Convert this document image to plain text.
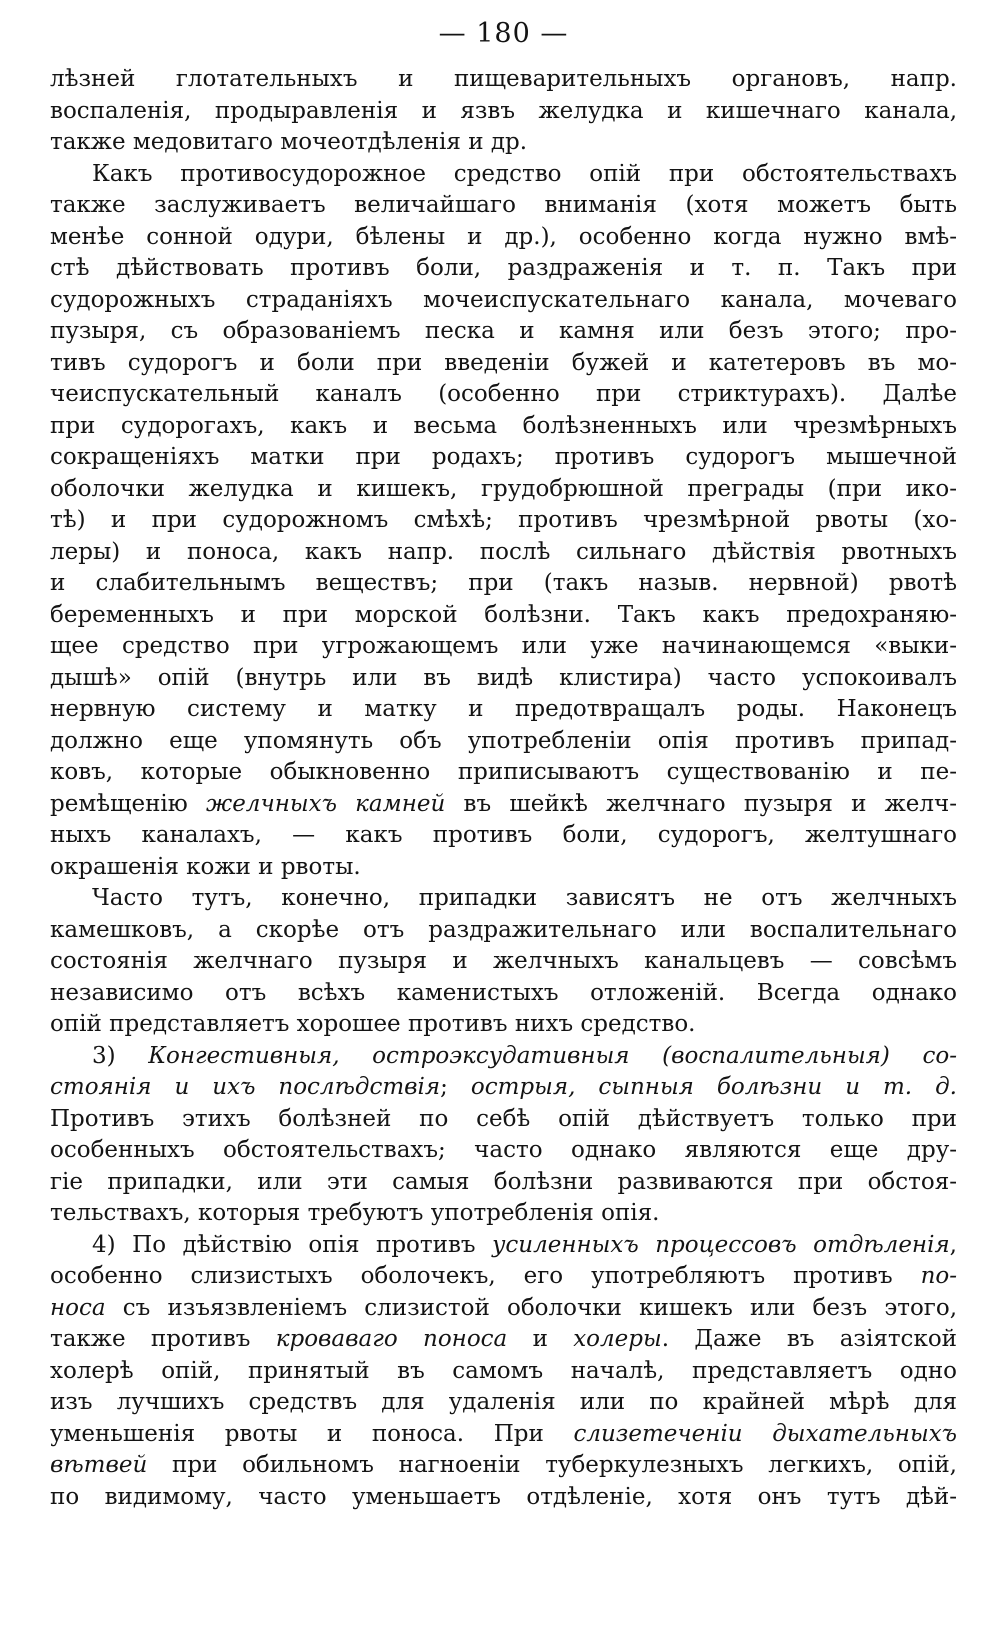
— 180 —
лѣзней глотательныхъ и пищеварительныхъ органовъ, напр.
воспаленія, продыравленія и язвъ желудка и кишечнаго канала,
также медовитаго мочеотдѣленія и др.
Какъ противосудорожное средство опій при обстоятельствахъ
также заслуживаетъ величайшаго вниманія (хотя можетъ быть
менѣе сонной одури, бѣлены и др.), особенно когда нужно вмѣ-
стѣ дѣйствовать противъ боли, раздраженія и т. п. Такъ при
судорожныхъ страданіяхъ мочеиспускательнаго канала, мочеваго
пузыря, съ образованіемъ песка и камня или безъ этого; про-
тивъ судорогъ и боли при введеніи бужей и катетеровъ въ мо-
чеиспускательный каналъ (особенно при стриктурахъ). Далѣе
при судорогахъ, какъ и весьма болѣзненныхъ или чрезмѣрныхъ
сокращеніяхъ матки при родахъ; противъ судорогъ мышечной
оболочки желудка и кишекъ, грудобрюшной преграды (при ико-
тѣ) и при судорожномъ смѣхѣ; противъ чрезмѣрной рвоты (хо-
леры) и поноса, какъ напр. послѣ сильнаго дѣйствія рвотныхъ
и слабительнымъ веществъ; при (такъ назыв. нервной) рвотѣ
беременныхъ и при морской болѣзни. Такъ какъ предохраняю-
щее средство при угрожающемъ или уже начинающемся «выки-
дышѣ» опій (внутрь или въ видѣ клистира) часто успокоивалъ
нервную систему и матку и предотвращалъ роды. Наконецъ
должно еще упомянуть объ употребленіи опія противъ припад-
ковъ, которые обыкновенно приписываютъ существованію и пе-
ремѣщенію желчныхъ камней въ шейкѣ желчнаго пузыря и желч-
ныхъ каналахъ, — какъ противъ боли, судорогъ, желтушнаго
окрашенія кожи и рвоты.
Часто тутъ, конечно, припадки зависятъ не отъ желчныхъ
камешковъ, а скорѣе отъ раздражительнаго или воспалительнаго
состоянія желчнаго пузыря и желчныхъ канальцевъ — совсѣмъ
независимо отъ всѣхъ каменистыхъ отложеній. Всегда однако
опій представляетъ хорошее противъ нихъ средство.
3) Конгестивныя, остроэксудативныя (воспалительныя) со-
стоянія и ихъ послѣдствія; острыя, сыпныя болѣзни и т. д.
Противъ этихъ болѣзней по себѣ опій дѣйствуетъ только при
особенныхъ обстоятельствахъ; часто однако являются еще дру-
гіе припадки, или эти самыя болѣзни развиваются при обстоя-
тельствахъ, которыя требуютъ употребленія опія.
4) По дѣйствію опія противъ усиленныхъ процессовъ отдѣленія,
особенно слизистыхъ оболочекъ, его употребляютъ противъ по-
носа съ изъязвленіемъ слизистой оболочки кишекъ или безъ этого,
также противъ кроваваго поноса и холеры. Даже въ азіятской
холерѣ опій, принятый въ самомъ началѣ, представляетъ одно
изъ лучшихъ средствъ для удаленія или по крайней мѣрѣ для
уменьшенія рвоты и поноса. При слизетеченіи дыхательныхъ
вѣтвей при обильномъ нагноеніи туберкулезныхъ легкихъ, опій,
по видимому, часто уменьшаетъ отдѣленіе, хотя онъ тутъ дѣй-
